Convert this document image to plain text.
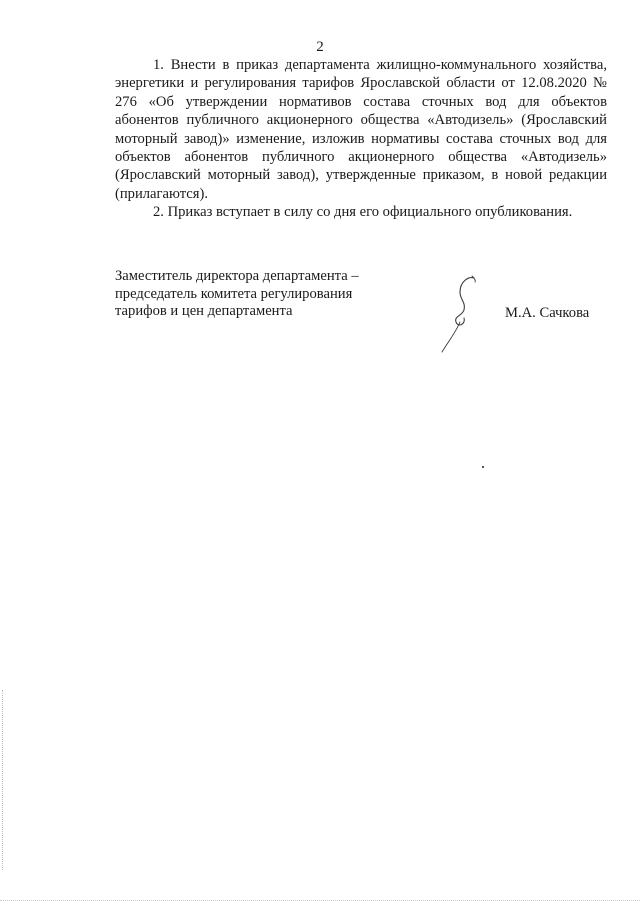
2

1. Внести в приказ департамента жилищно-коммунального хозяйства, энергетики и регулирования тарифов Ярославской области от 12.08.2020 № 276 «Об утверждении нормативов состава сточных вод для объектов абонентов публичного акционерного общества «Автодизель» (Ярославский моторный завод)» изменение, изложив нормативы состава сточных вод для объектов абонентов публичного акционерного общества «Автодизель» (Ярославский моторный завод), утвержденные приказом, в новой редакции (прилагаются).

2. Приказ вступает в силу со дня его официального опубликования.

Заместитель директора департамента –
председатель комитета регулирования
тарифов и цен департамента	М.А. Сачкова
